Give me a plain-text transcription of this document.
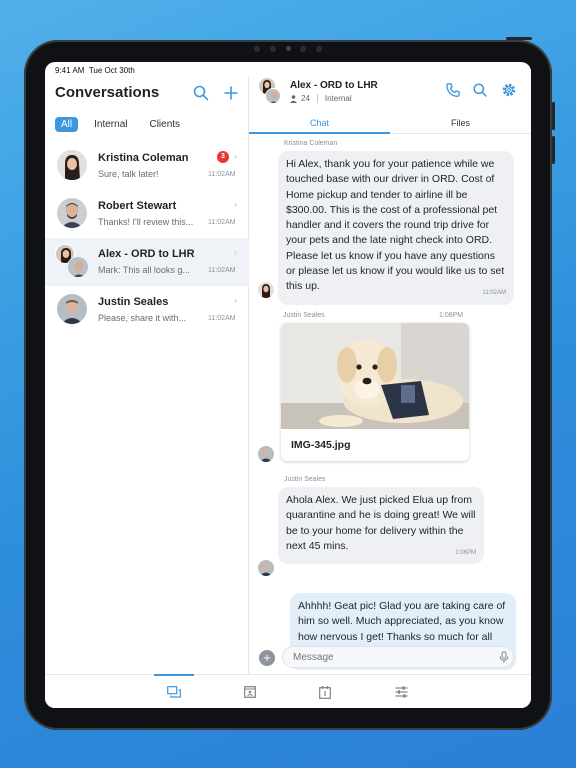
9:41 AM Tue Oct 30th
Conversations
All	Internal	Clients
Kristina Coleman
Sure, talk later!	11:02AM
3	›
Robert Stewart
Thanks! I'll review this...	11:02AM
›
Alex - ORD to LHR
Mark: This all looks g...	11:02AM
›
Justin Seales
Please, share it with...	11:02AM
›
Alex - ORD to LHR
24 Internal
Chat	Files
Kristina Coleman
Hi Alex, thank you for your patience while we touched base with our driver in ORD. Cost of Home pickup and tender to airline ill be $300.00. This is the cost of a professional pet handler and it covers the round trip drive for your pets and the late night check into ORD. Please let us know if you have any questions or please let us know if you would like us to set this up.
11:02AM
Justin Seales	1:08PM
IMG-345.jpg
Justin Seales
Ahola Alex. We just picked Elua up from quarantine and he is doing great! We will be to your home for delivery within the next 45 mins.
1:06PM
Ahhhh! Geat pic! Glad you are taking care of him so well. Much appreciated, as you know how nervous I get! Thanks so much for all
+
Message
